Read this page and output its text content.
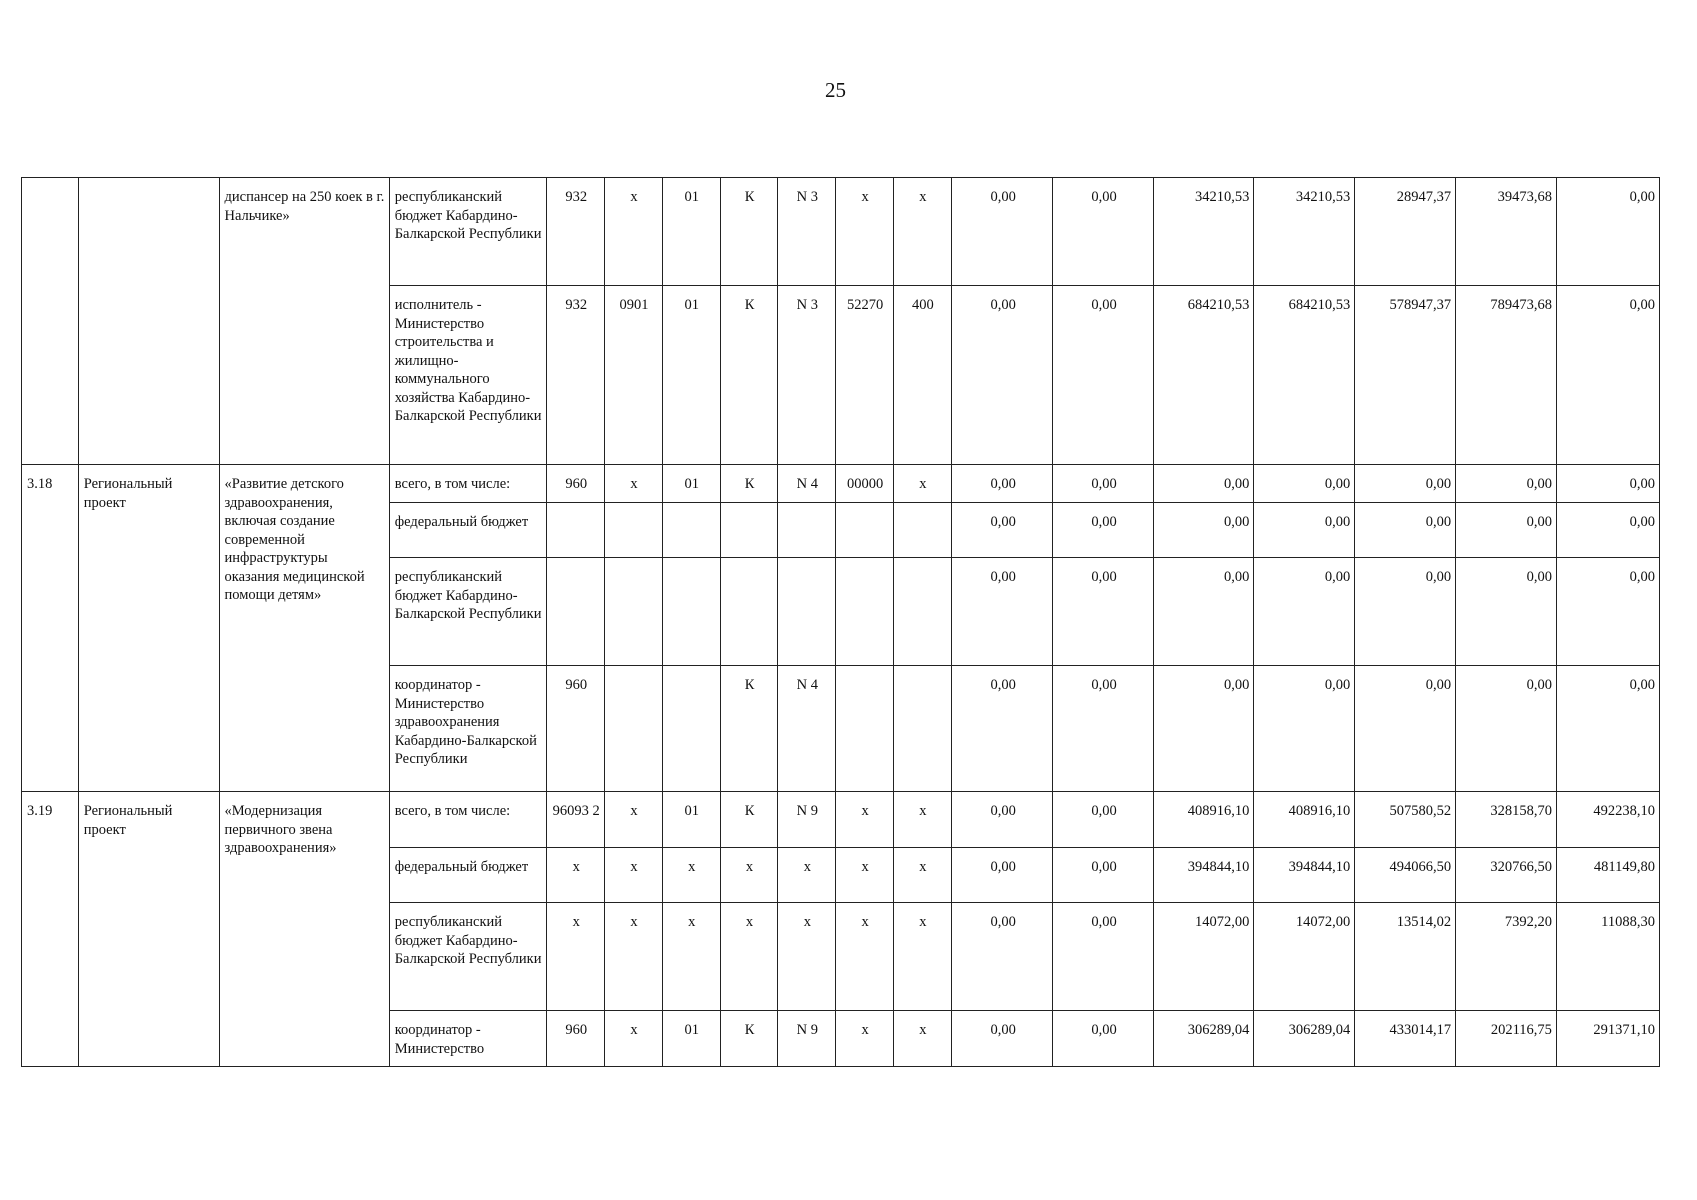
25
		диспансер на 250 коек в г. Нальчике»	республиканский бюджет Кабардино-Балкарской Республики	932	х	01	К	N 3	х	х	0,00	0,00	34210,53	34210,53	28947,37	39473,68	0,00
			исполнитель - Министерство строительства и жилищно-коммунального хозяйства Кабардино-Балкарской Республики	932	0901	01	К	N 3	52270	400	0,00	0,00	684210,53	684210,53	578947,37	789473,68	0,00
3.18	Региональный проект	«Развитие детского здравоохранения, включая создание современной инфраструктуры оказания медицинской помощи детям»	всего, в том числе:	960	х	01	К	N 4	00000	х	0,00	0,00	0,00	0,00	0,00	0,00	0,00
			федеральный бюджет								0,00	0,00	0,00	0,00	0,00	0,00	0,00
			республиканский бюджет Кабардино-Балкарской Республики								0,00	0,00	0,00	0,00	0,00	0,00	0,00
			координатор - Министерство здравоохранения Кабардино-Балкарской Республики	960			К	N 4			0,00	0,00	0,00	0,00	0,00	0,00	0,00
3.19	Региональный проект	«Модернизация первичного звена здравоохранения»	всего, в том числе:	96093 2	х	01	К	N 9	х	х	0,00	0,00	408916,10	408916,10	507580,52	328158,70	492238,10
			федеральный бюджет	х	х	х	х	х	х	х	0,00	0,00	394844,10	394844,10	494066,50	320766,50	481149,80
			республиканский бюджет Кабардино-Балкарской Республики	х	х	х	х	х	х	х	0,00	0,00	14072,00	14072,00	13514,02	7392,20	11088,30
			координатор - Министерство	960	х	01	К	N 9	х	х	0,00	0,00	306289,04	306289,04	433014,17	202116,75	291371,10
